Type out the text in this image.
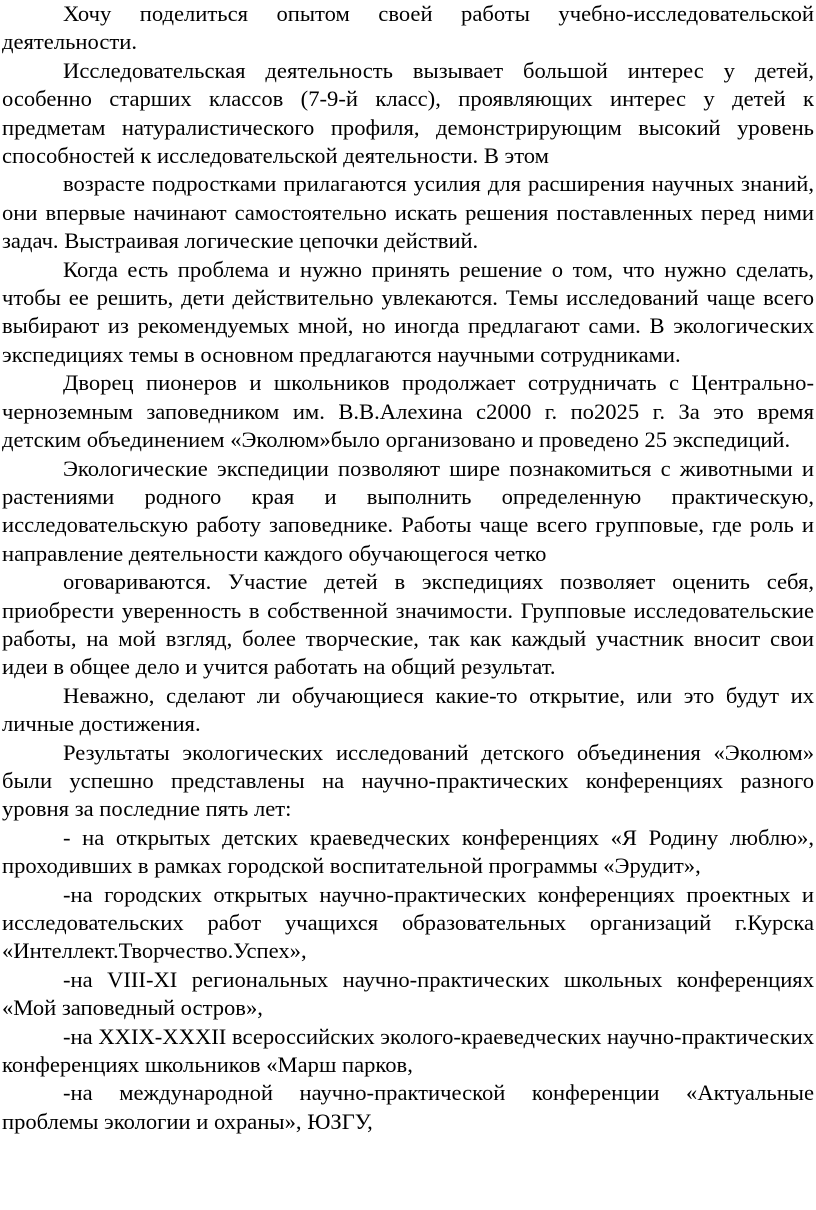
Хочу поделиться опытом своей работы учебно-исследовательской деятельности.

Исследовательская деятельность вызывает большой интерес у детей, особенно старших классов (7-9-й класс), проявляющих интерес у детей к предметам натуралистического профиля, демонстрирующим высокий уровень способностей к исследовательской деятельности. В этом

возрасте подростками прилагаются усилия для расширения научных знаний, они впервые начинают самостоятельно искать решения поставленных перед ними задач. Выстраивая логические цепочки действий.

Когда есть проблема и нужно принять решение о том, что нужно сделать, чтобы ее решить, дети действительно увлекаются. Темы исследований чаще всего выбирают из рекомендуемых мной, но иногда предлагают сами. В экологических экспедициях темы в основном предлагаются научными сотрудниками.

Дворец пионеров и школьников продолжает сотрудничать с Центрально-черноземным заповедником им. В.В.Алехина с2000 г. по2025 г. За это время детским объединением «Эколюм»было организовано и проведено 25 экспедиций.

Экологические экспедиции позволяют шире познакомиться с животными и растениями родного края и выполнить определенную практическую, исследовательскую работу заповеднике. Работы чаще всего групповые, где роль и направление деятельности каждого обучающегося четко

оговариваются. Участие детей в экспедициях позволяет оценить себя, приобрести уверенность в собственной значимости. Групповые исследовательские работы, на мой взгляд, более творческие, так как каждый участник вносит свои идеи в общее дело и учится работать на общий результат.

Неважно, сделают ли обучающиеся какие-то открытие, или это будут их личные достижения.

Результаты экологических исследований детского объединения «Эколюм» были успешно представлены на научно-практических конференциях разного уровня за последние пять лет:

- на открытых детских краеведческих конференциях «Я Родину люблю», проходивших в рамках городской воспитательной программы «Эрудит»,

-на городских открытых научно-практических конференциях проектных и исследовательских работ учащихся образовательных организаций г.Курска «Интеллект.Творчество.Успех»,

-на VIII-XI региональных научно-практических школьных конференциях «Мой заповедный остров»,

-на XXIX-XXXII всероссийских эколого-краеведческих научно-практических конференциях школьников «Марш парков,

-на международной научно-практической конференции «Актуальные проблемы экологии и охраны», ЮЗГУ,
